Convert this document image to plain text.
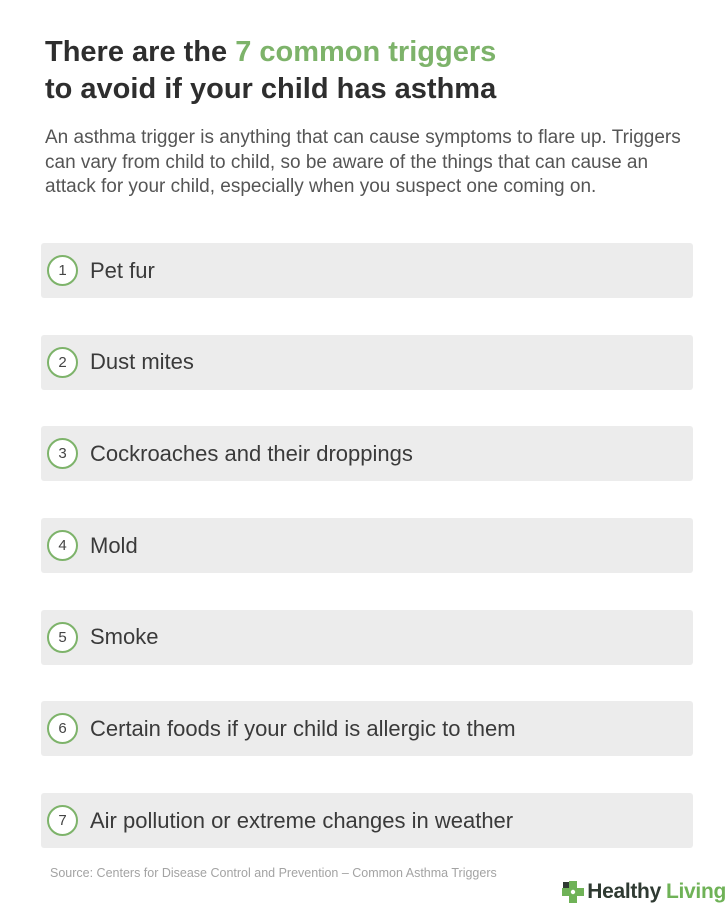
There are the 7 common triggers
to avoid if your child has asthma

An asthma trigger is anything that can cause symptoms to flare up. Triggers can vary from child to child, so be aware of the things that can cause an attack for your child, especially when you suspect one coming on.

1	Pet fur
2	Dust mites
3	Cockroaches and their droppings
4	Mold
5	Smoke
6	Certain foods if your child is allergic to them
7	Air pollution or extreme changes in weather
Source: Centers for Disease Control and Prevention – Common Asthma Triggers
Healthy Living
